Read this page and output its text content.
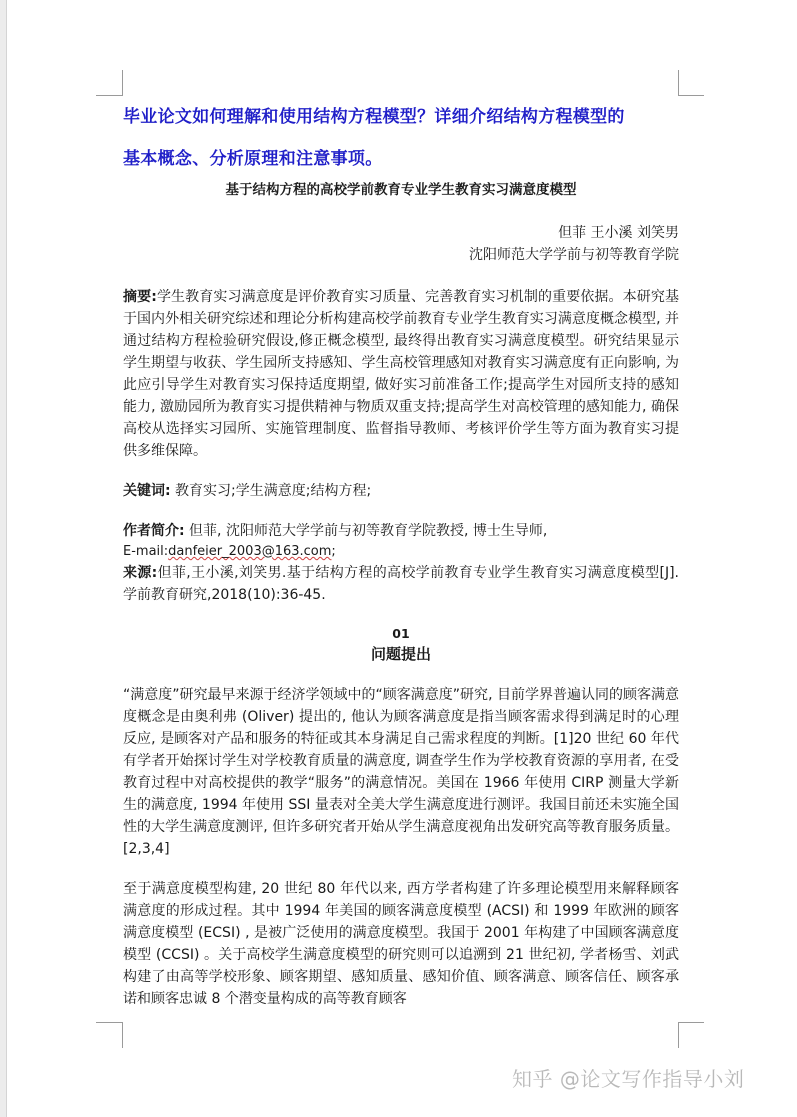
毕业论文如何理解和使用结构方程模型？详细介绍结构方程模型的
基本概念、分析原理和注意事项。
基于结构方程的高校学前教育专业学生教育实习满意度模型
但菲 王小溪 刘笑男
沈阳师范大学学前与初等教育学院

摘要:学生教育实习满意度是评价教育实习质量、完善教育实习机制的重要依据。本研究基于国内外相关研究综述和理论分析构建高校学前教育专业学生教育实习满意度概念模型, 并通过结构方程检验研究假设,修正概念模型, 最终得出教育实习满意度模型。研究结果显示学生期望与收获、学生园所支持感知、学生高校管理感知对教育实习满意度有正向影响, 为此应引导学生对教育实习保持适度期望, 做好实习前准备工作;提高学生对园所支持的感知能力, 激励园所为教育实习提供精神与物质双重支持;提高学生对高校管理的感知能力, 确保高校从选择实习园所、实施管理制度、监督指导教师、考核评价学生等方面为教育实习提供多维保障。

关键词: 教育实习;学生满意度;结构方程;

作者简介: 但菲, 沈阳师范大学学前与初等教育学院教授, 博士生导师,

E-mail:danfeier_2003@163.com;

来源:但菲,王小溪,刘笑男.基于结构方程的高校学前教育专业学生教育实习满意度模型[J].学前教育研究,2018(10):36-45.

01
问题提出

“满意度”研究最早来源于经济学领域中的“顾客满意度”研究, 目前学界普遍认同的顾客满意度概念是由奥利弗 (Oliver) 提出的, 他认为顾客满意度是指当顾客需求得到满足时的心理反应, 是顾客对产品和服务的特征或其本身满足自己需求程度的判断。[1]20 世纪 60 年代有学者开始探讨学生对学校教育质量的满意度, 调查学生作为学校教育资源的享用者, 在受教育过程中对高校提供的教学“服务”的满意情况。美国在 1966 年使用 CIRP 测量大学新生的满意度, 1994 年使用 SSI 量表对全美大学生满意度进行测评。我国目前还未实施全国性的大学生满意度测评, 但许多研究者开始从学生满意度视角出发研究高等教育服务质量。[2,3,4]

至于满意度模型构建, 20 世纪 80 年代以来, 西方学者构建了许多理论模型用来解释顾客满意度的形成过程。其中 1994 年美国的顾客满意度模型 (ACSI) 和 1999 年欧洲的顾客满意度模型 (ECSI) , 是被广泛使用的满意度模型。我国于 2001 年构建了中国顾客满意度模型 (CCSI) 。关于高校学生满意度模型的研究则可以追溯到 21 世纪初, 学者杨雪、刘武构建了由高等学校形象、顾客期望、感知质量、感知价值、顾客满意、顾客信任、顾客承诺和顾客忠诚 8 个潜变量构成的高等教育顾客

知乎 @论文写作指导小刘
